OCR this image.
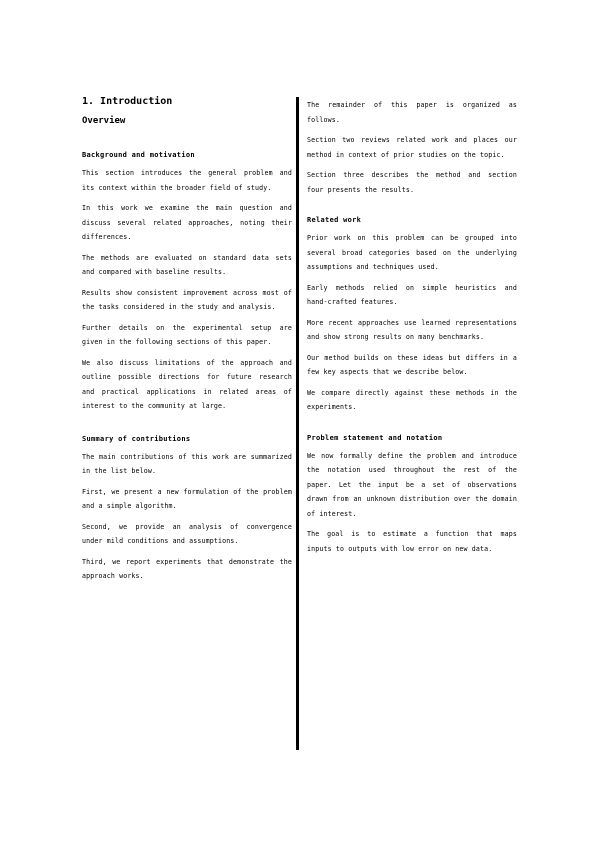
1. Introduction
Overview
Background and motivation

This section introduces the general problem and its context within the broader field of study.

In this work we examine the main question and discuss several related approaches, noting their differences.

The methods are evaluated on standard data sets and compared with baseline results.

Results show consistent improvement across most of the tasks considered in the study and analysis.

Further details on the experimental setup are given in the following sections of this paper.

We also discuss limitations of the approach and outline possible directions for future research and practical applications in related areas of interest to the community at large.

Summary of contributions

The main contributions of this work are summarized in the list below.

First, we present a new formulation of the problem and a simple algorithm.

Second, we provide an analysis of convergence under mild conditions and assumptions.

Third, we report experiments that demonstrate the approach works.

The remainder of this paper is organized as follows.

Section two reviews related work and places our method in context of prior studies on the topic.

Section three describes the method and section four presents the results.

Related work

Prior work on this problem can be grouped into several broad categories based on the underlying assumptions and techniques used.

Early methods relied on simple heuristics and hand-crafted features.

More recent approaches use learned representations and show strong results on many benchmarks.

Our method builds on these ideas but differs in a few key aspects that we describe below.

We compare directly against these methods in the experiments.

Problem statement and notation

We now formally define the problem and introduce the notation used throughout the rest of the paper. Let the input be a set of observations drawn from an unknown distribution over the domain of interest.

The goal is to estimate a function that maps inputs to outputs with low error on new data.
